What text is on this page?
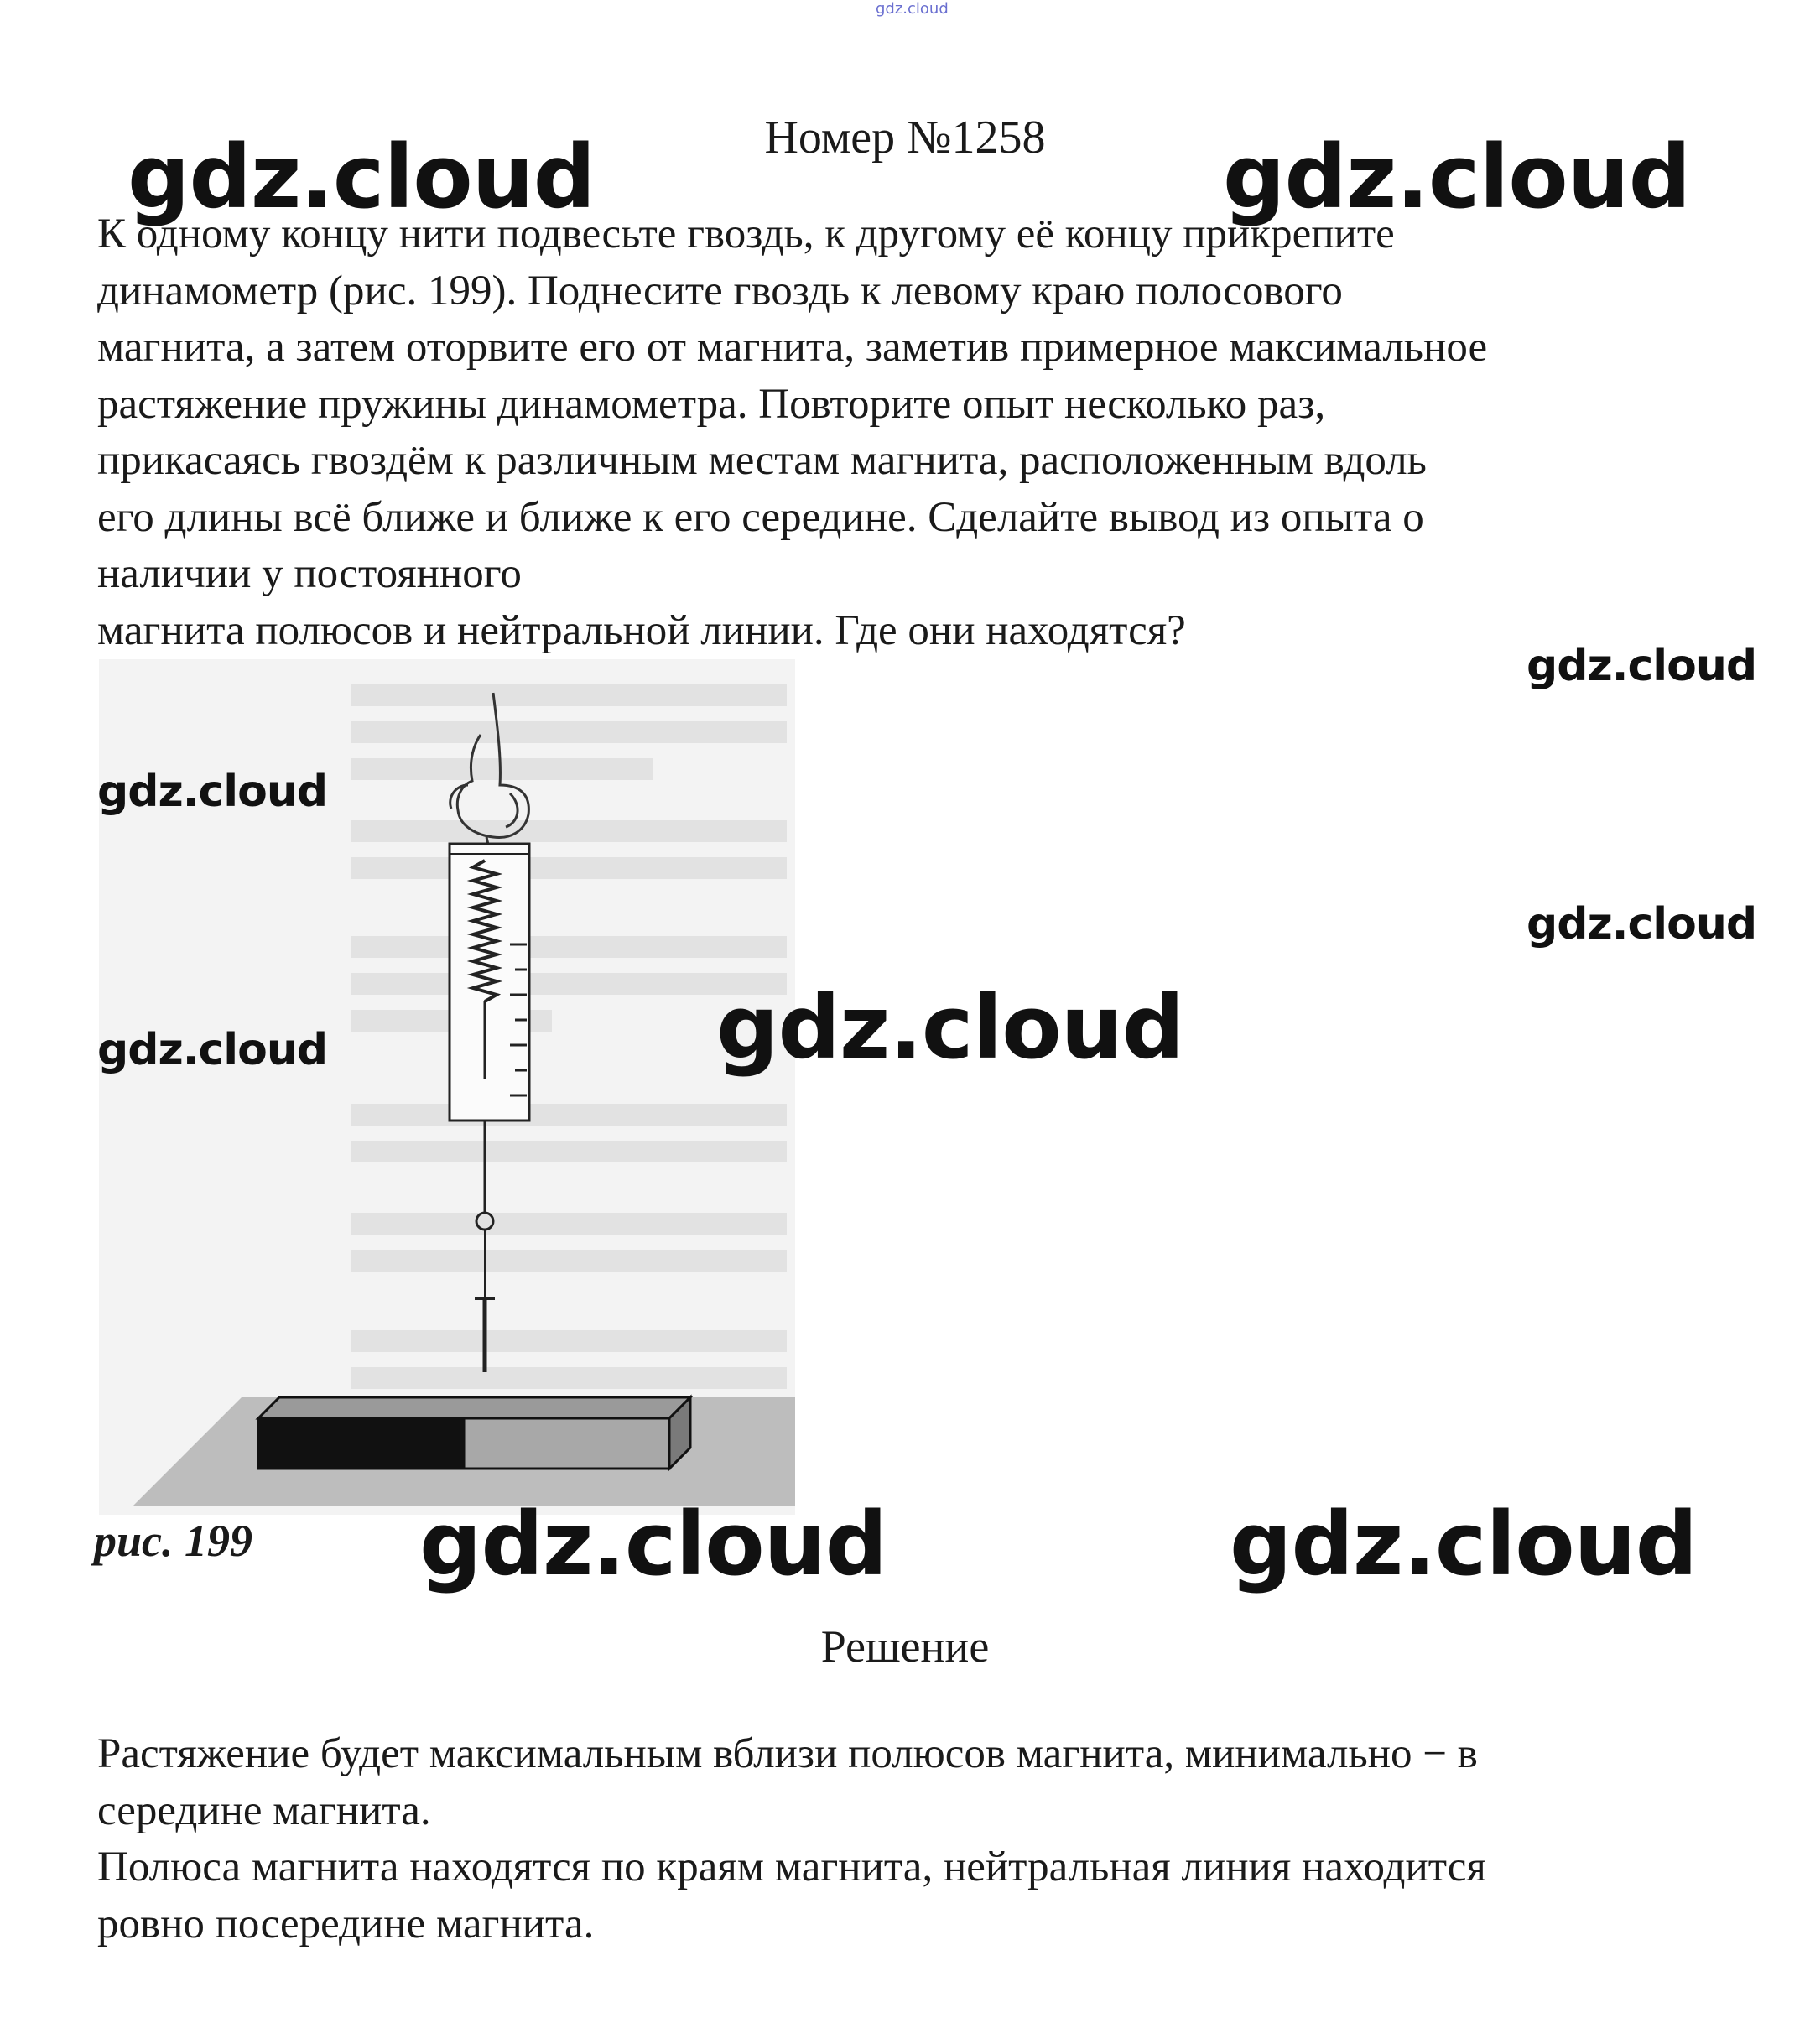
gdz.cloud
Номер №1258
К одному концу нити подвесьте гвоздь, к другому её концу прикрепите
динамометр (рис. 199). Поднесите гвоздь к левому краю полосового
магнита, а затем оторвите его от магнита, заметив примерное максимальное
растяжение пружины динамометра. Повторите опыт несколько раз,
прикасаясь гвоздём к различным местам магнита, расположенным вдоль
его длины всё ближе и ближе к его середине. Сделайте вывод из опыта о
наличии у постоянного
магнита полюсов и нейтральной линии. Где они находятся?
рис. 199
Решение
Растяжение будет максимальным вблизи полюсов магнита, минимально − в
середине магнита.
Полюса магнита находятся по краям магнита, нейтральная линия находится
ровно посередине магнита.
gdz.cloud	gdz.cloud
gdz.cloud
gdz.cloud
gdz.cloud
gdz.cloud
gdz.cloud
gdz.cloud	gdz.cloud
